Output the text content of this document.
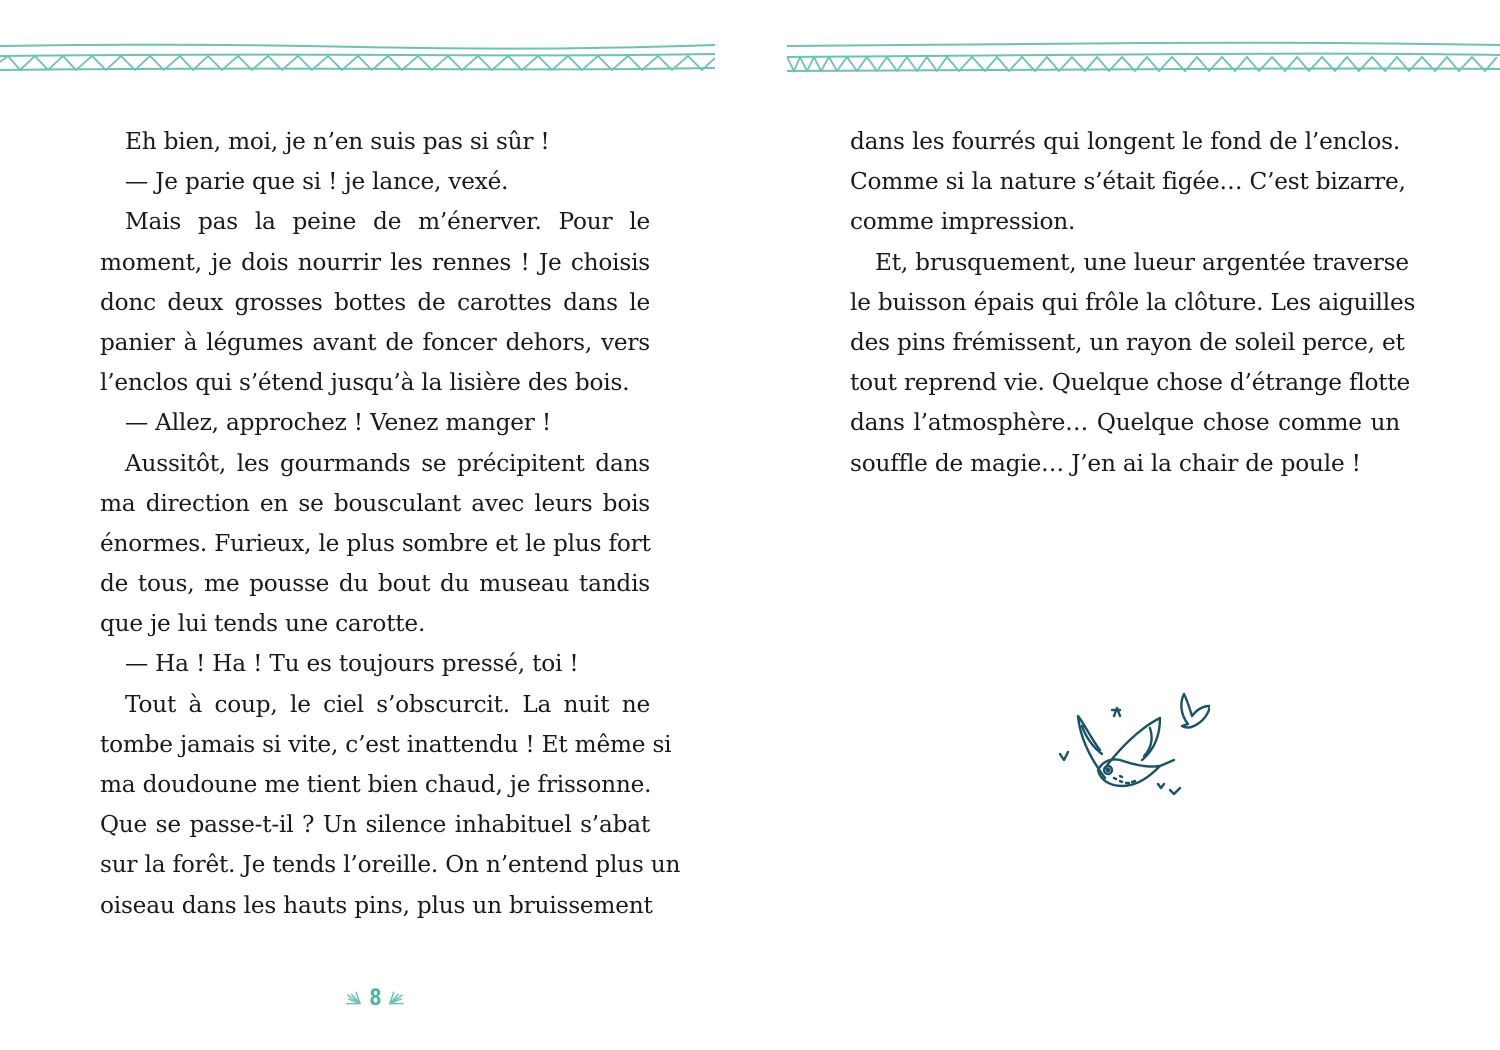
Eh bien, moi, je n’en suis pas si sûr !
— Je parie que si ! je lance, vexé.
Mais pas la peine de m’énerver. Pour le
moment, je dois nourrir les rennes ! Je choisis
donc deux grosses bottes de carottes dans le
panier à légumes avant de foncer dehors, vers
l’enclos qui s’étend jusqu’à la lisière des bois.
— Allez, approchez ! Venez manger !
Aussitôt, les gourmands se précipitent dans
ma direction en se bousculant avec leurs bois
énormes. Furieux, le plus sombre et le plus fort
de tous, me pousse du bout du museau tandis
que je lui tends une carotte.
— Ha ! Ha ! Tu es toujours pressé, toi !
Tout à coup, le ciel s’obscurcit. La nuit ne
tombe jamais si vite, c’est inattendu ! Et même si
ma doudoune me tient bien chaud, je frissonne.
Que se passe-t-il ? Un silence inhabituel s’abat
sur la forêt. Je tends l’oreille. On n’entend plus un
oiseau dans les hauts pins, plus un bruissement
8
dans les fourrés qui longent le fond de l’enclos.
Comme si la nature s’était figée… C’est bizarre,
comme impression.
Et, brusquement, une lueur argentée traverse
le buisson épais qui frôle la clôture. Les aiguilles
des pins frémissent, un rayon de soleil perce, et
tout reprend vie. Quelque chose d’étrange flotte
dans l’atmosphère… Quelque chose comme un
souffle de magie… J’en ai la chair de poule !
